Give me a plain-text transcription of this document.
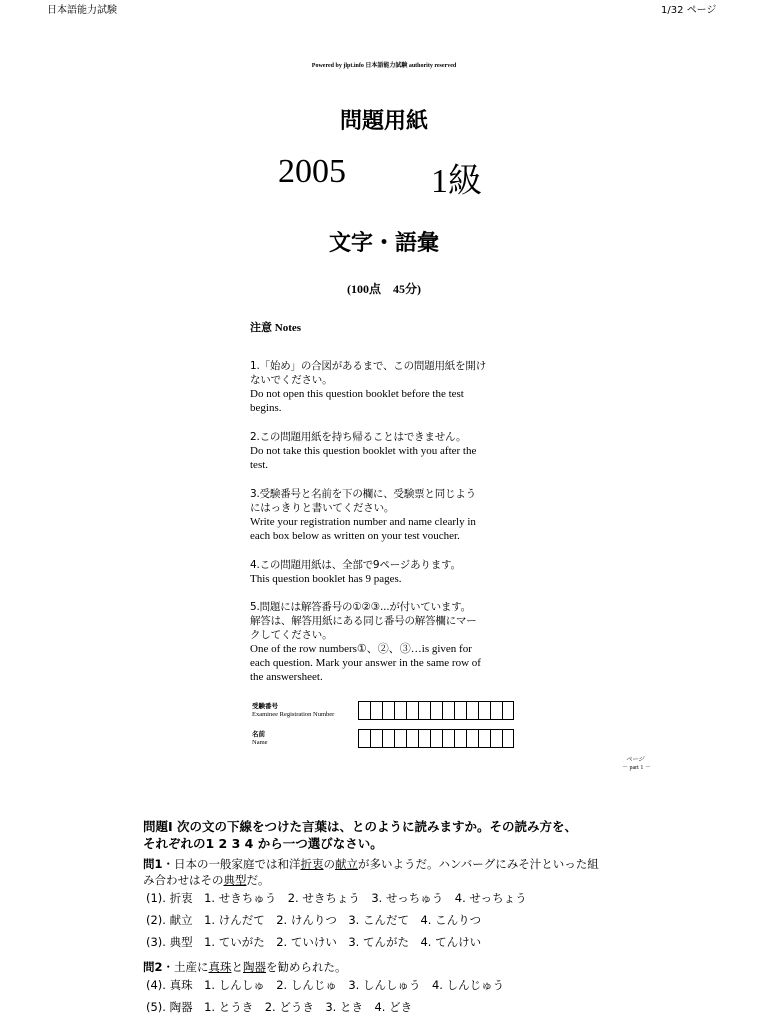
日本語能力試験	1/32 ページ
Powered by jlpt.info 日本語能力試験 authority reserved
問題用紙
2005	1級
文字・語彙
(100点　45分)
注意 Notes
1.「始め」の合図があるまで、この問題用紙を開け
ないでください。
Do not open this question booklet before the test
begins.
2.この問題用紙を持ち帰ることはできません。
Do not take this question booklet with you after the
test.
3.受験番号と名前を下の欄に、受験票と同じよう
にはっきりと書いてください。
Write your registration number and name clearly in
each box below as written on your test voucher.
4.この問題用紙は、全部で9ページあります。
This question booklet has 9 pages.
5.問題には解答番号の①②③...が付いています。
解答は、解答用紙にある同じ番号の解答欄にマー
クしてください。
One of the row numbers①、②、③…is given for
each question. Mark your answer in the same row of
the answersheet.
受験番号
Examinee Registration Number
名前
Name
ページ
－ part 1 －
問題Ⅰ 次の文の下線をつけた言葉は、とのように読みますか。その読み方を、
それぞれの1 2 3 4 から一つ選びなさい。
問1・日本の一般家庭では和洋折衷の献立が多いようだ。ハンバーグにみそ汁といった組
み合わせはその典型だ。
(1). 折衷　1. せきちゅう　2. せきちょう　3. せっちゅう　4. せっちょう
(2). 献立　1. けんだて　2. けんりつ　3. こんだて　4. こんりつ
(3). 典型　1. ていがた　2. ていけい　3. てんがた　4. てんけい
問2・土産に真珠と陶器を勧められた。
(4). 真珠　1. しんしゅ　2. しんじゅ　3. しんしゅう　4. しんじゅう
(5). 陶器　1. とうき　2. どうき　3. とき　4. どき
